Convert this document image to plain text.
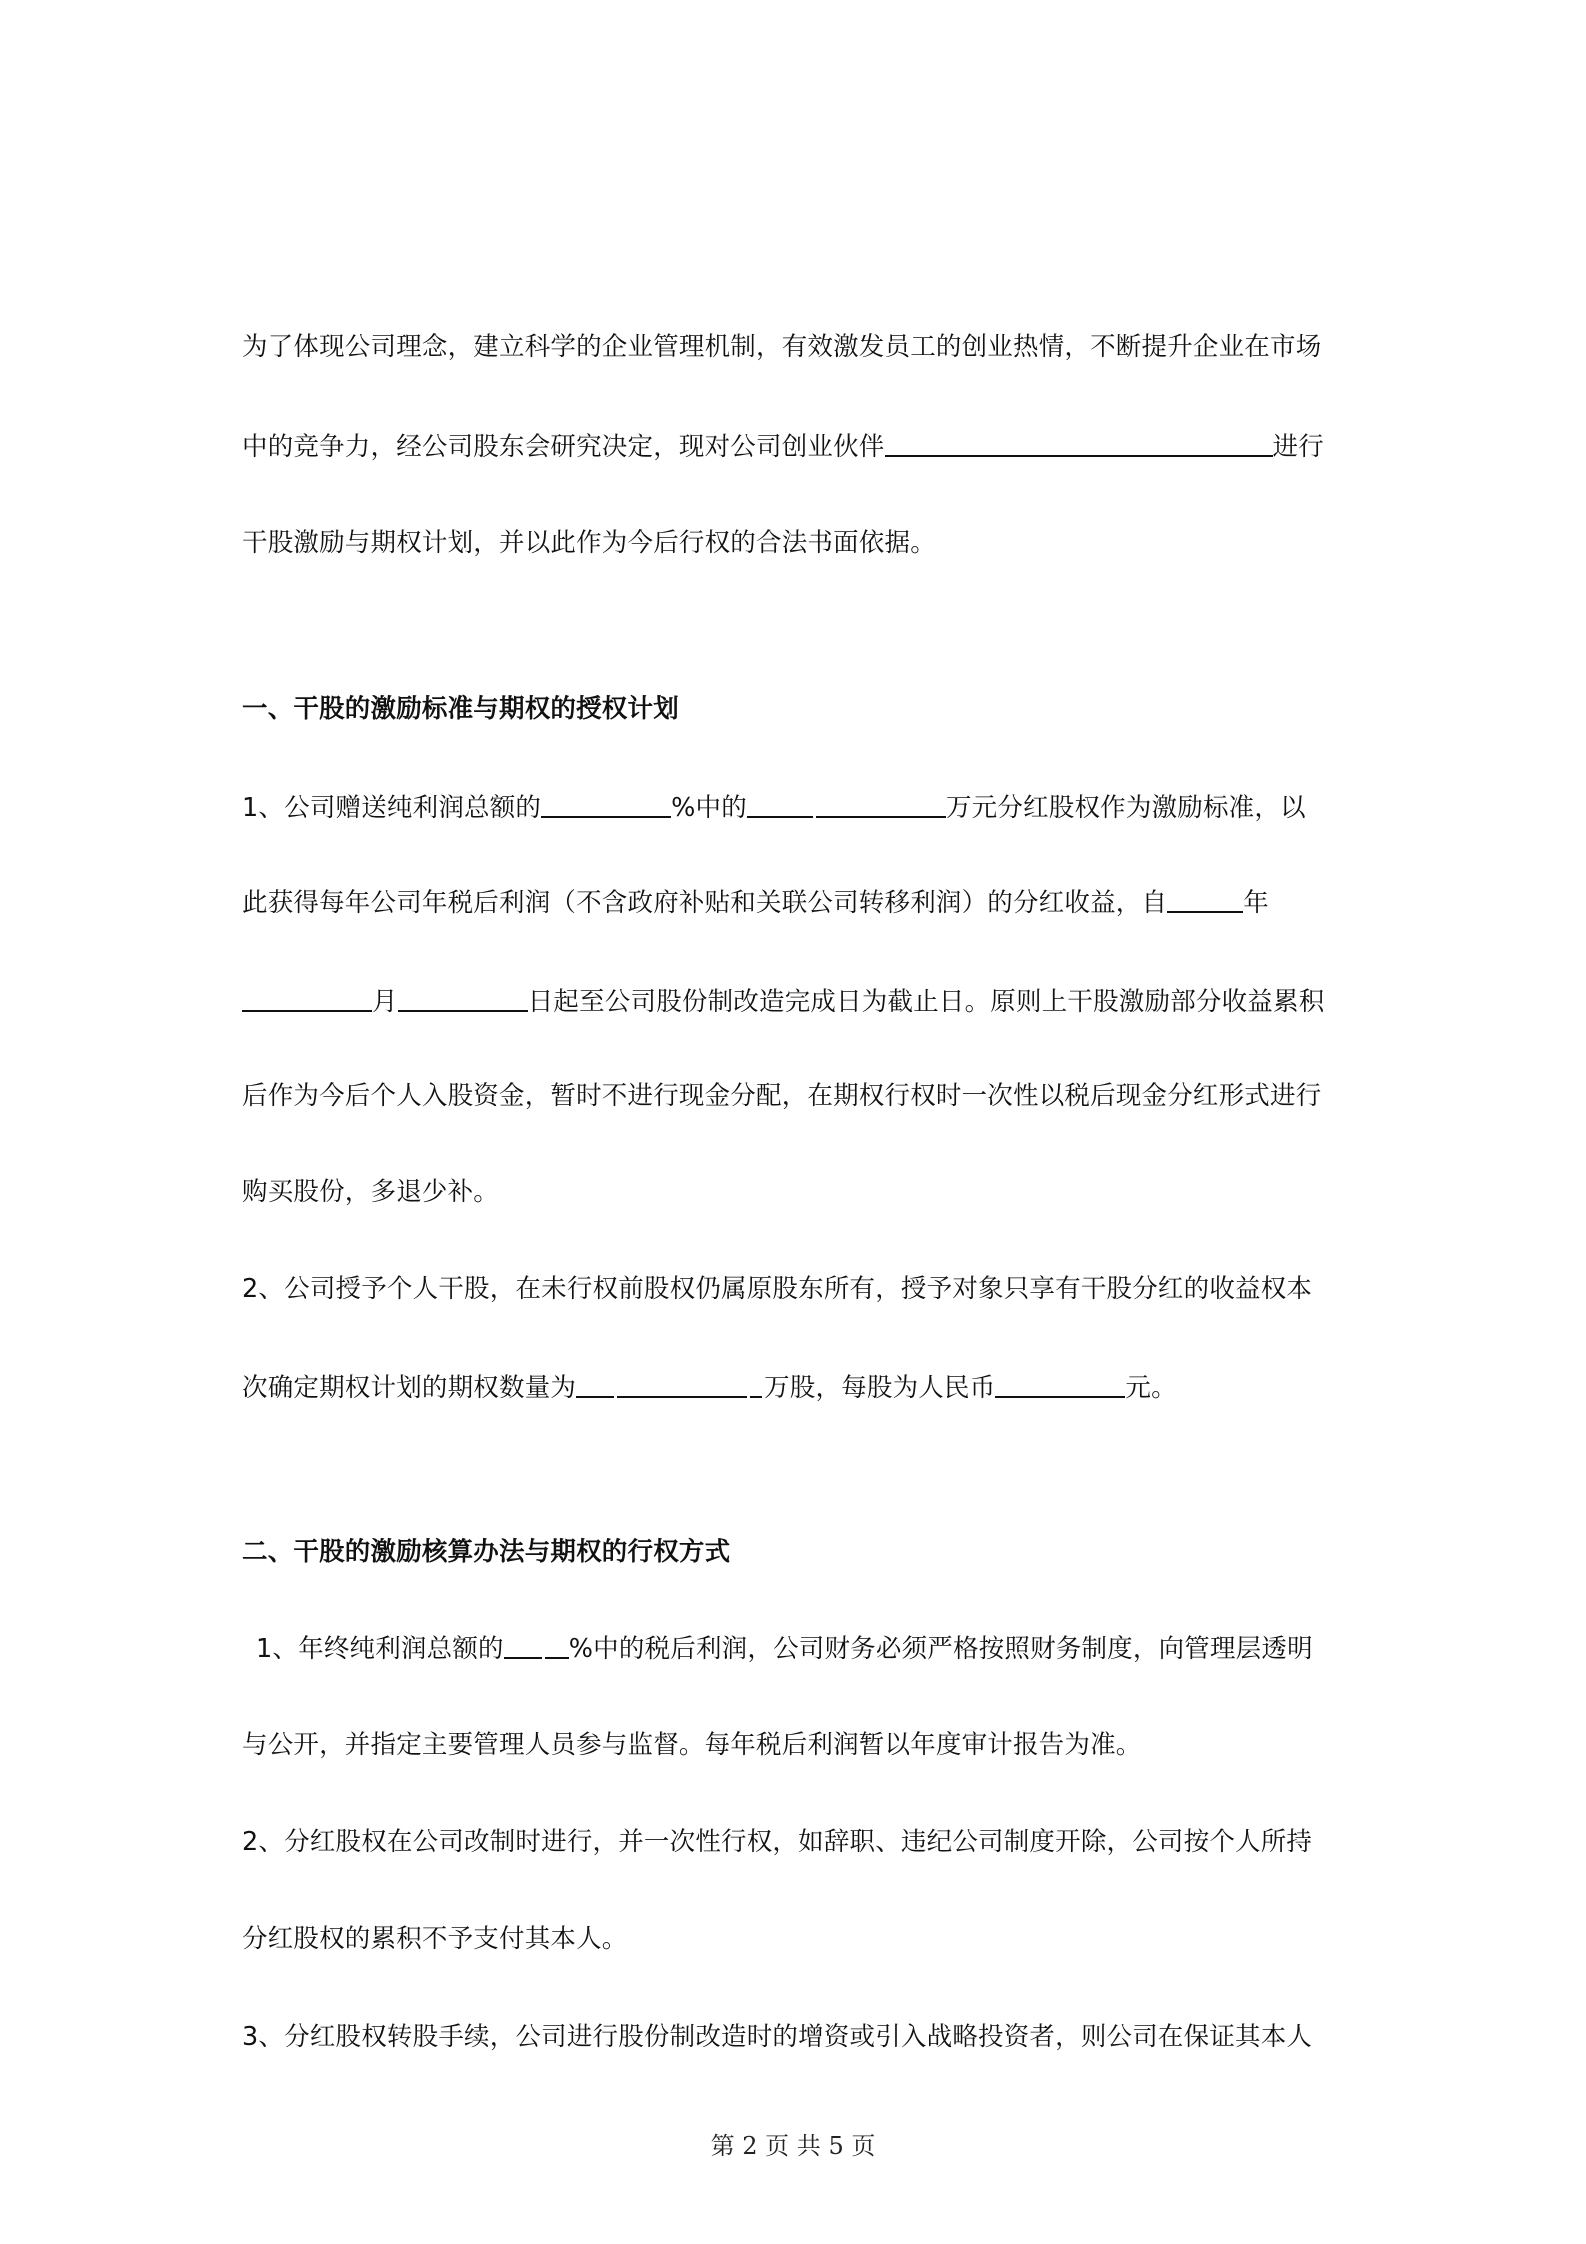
为了体现公司理念，建立科学的企业管理机制，有效激发员工的创业热情，不断提升企业在市场
中的竞争力，经公司股东会研究决定，现对公司创业伙伴	进行
干股激励与期权计划，并以此作为今后行权的合法书面依据。
一、干股的激励标准与期权的授权计划
1、公司赠送纯利润总额的	%中的	万元分红股权作为激励标准，以
此获得每年公司年税后利润（不含政府补贴和关联公司转移利润）的分红收益，自	年
月	日起至公司股份制改造完成日为截止日。原则上干股激励部分收益累积
后作为今后个人入股资金，暂时不进行现金分配，在期权行权时一次性以税后现金分红形式进行
购买股份，多退少补。
2、公司授予个人干股，在未行权前股权仍属原股东所有，授予对象只享有干股分红的收益权本
次确定期权计划的期权数量为	万股，每股为人民币	元。
二、干股的激励核算办法与期权的行权方式
1、年终纯利润总额的	%中的税后利润，公司财务必须严格按照财务制度，向管理层透明
与公开，并指定主要管理人员参与监督。每年税后利润暂以年度审计报告为准。
2、分红股权在公司改制时进行，并一次性行权，如辞职、违纪公司制度开除，公司按个人所持
分红股权的累积不予支付其本人。
3、分红股权转股手续，公司进行股份制改造时的增资或引入战略投资者，则公司在保证其本人
第 2 页 共 5 页
